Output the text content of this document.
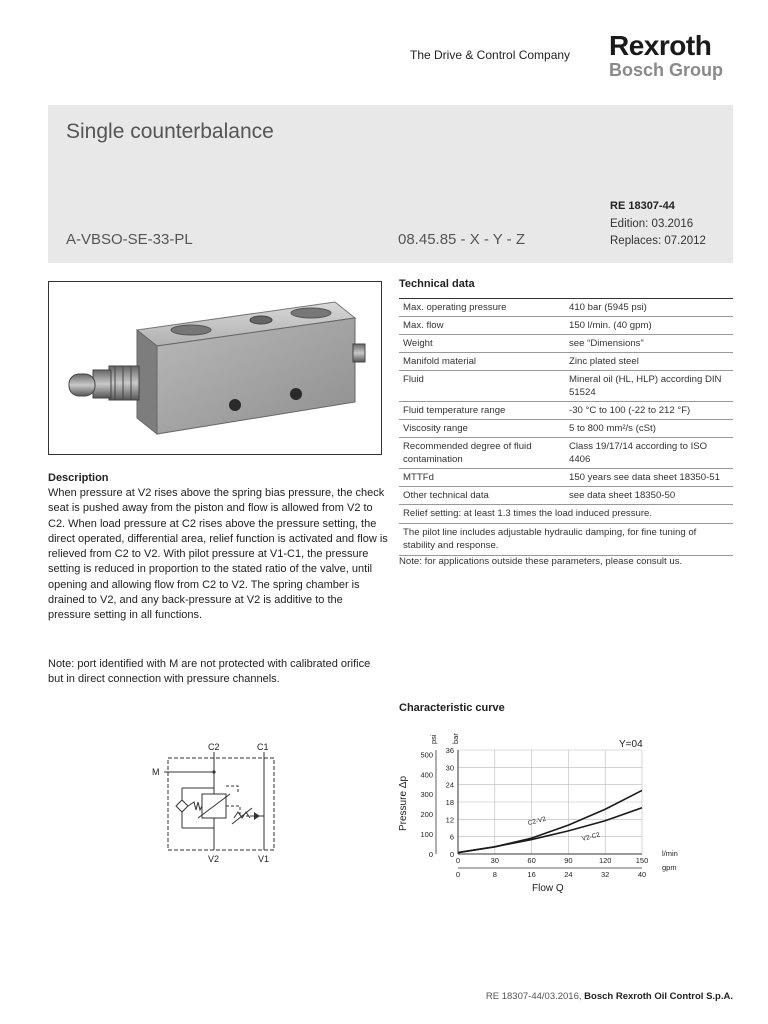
The Drive & Control Company Rexroth
Bosch Group
Single counterbalance
A-VBSO-SE-33-PL	08.45.85 - X - Y - Z
RE 18307-44
Edition: 03.2016
Replaces: 07.2012
Description
When pressure at V2 rises above the spring bias pressure, the check seat is pushed away from the piston and flow is allowed from V2 to C2. When load pressure at C2 rises above the pressure setting, the direct operated, differential area, relief function is activated and flow is relieved from C2 to V2. With pilot pressure at V1-C1, the pressure setting is reduced in proportion to the stated ratio of the valve, until opening and allowing flow from C2 to V2. The spring chamber is drained to V2, and any back-pressure at V2 is additive to the pressure setting in all functions.
Note: port identified with M are not protected with calibrated orifice but in direct connection with pressure channels.
Technical data
Max. operating pressure	410 bar (5945 psi)
Max. flow	150 l/min. (40 gpm)
Weight	see “Dimensions”
Manifold material	Zinc plated steel
Fluid	Mineral oil (HL, HLP) according DIN 51524
Fluid temperature range	-30 °C to 100 (-22 to 212 °F)
Viscosity range	5 to 800 mm²/s (cSt)
Recommended degree of fluid contamination	Class 19/17/14 according to ISO 4406
MTTFd	150 years see data sheet 18350-51
Other technical data	see data sheet 18350-50
Relief setting: at least 1.3 times the load induced pressure.	
The pilot line includes adjustable hydraulic damping, for fine tuning of stability and response.	
Note: for applications outside these parameters, please consult us.
C2	C1
M
V2	V1
Characteristic curve
0	30	60	90	120	150
0	8	16	24	32	40
0
6
12
18
24
30
36
0
100
200
300
400
500
C2-V2
V2-C2
Y=04
Flow Q
Pressure Δp
l/min
gpm
bar
psi
RE 18307-44/03.2016, Bosch Rexroth Oil Control S.p.A.
